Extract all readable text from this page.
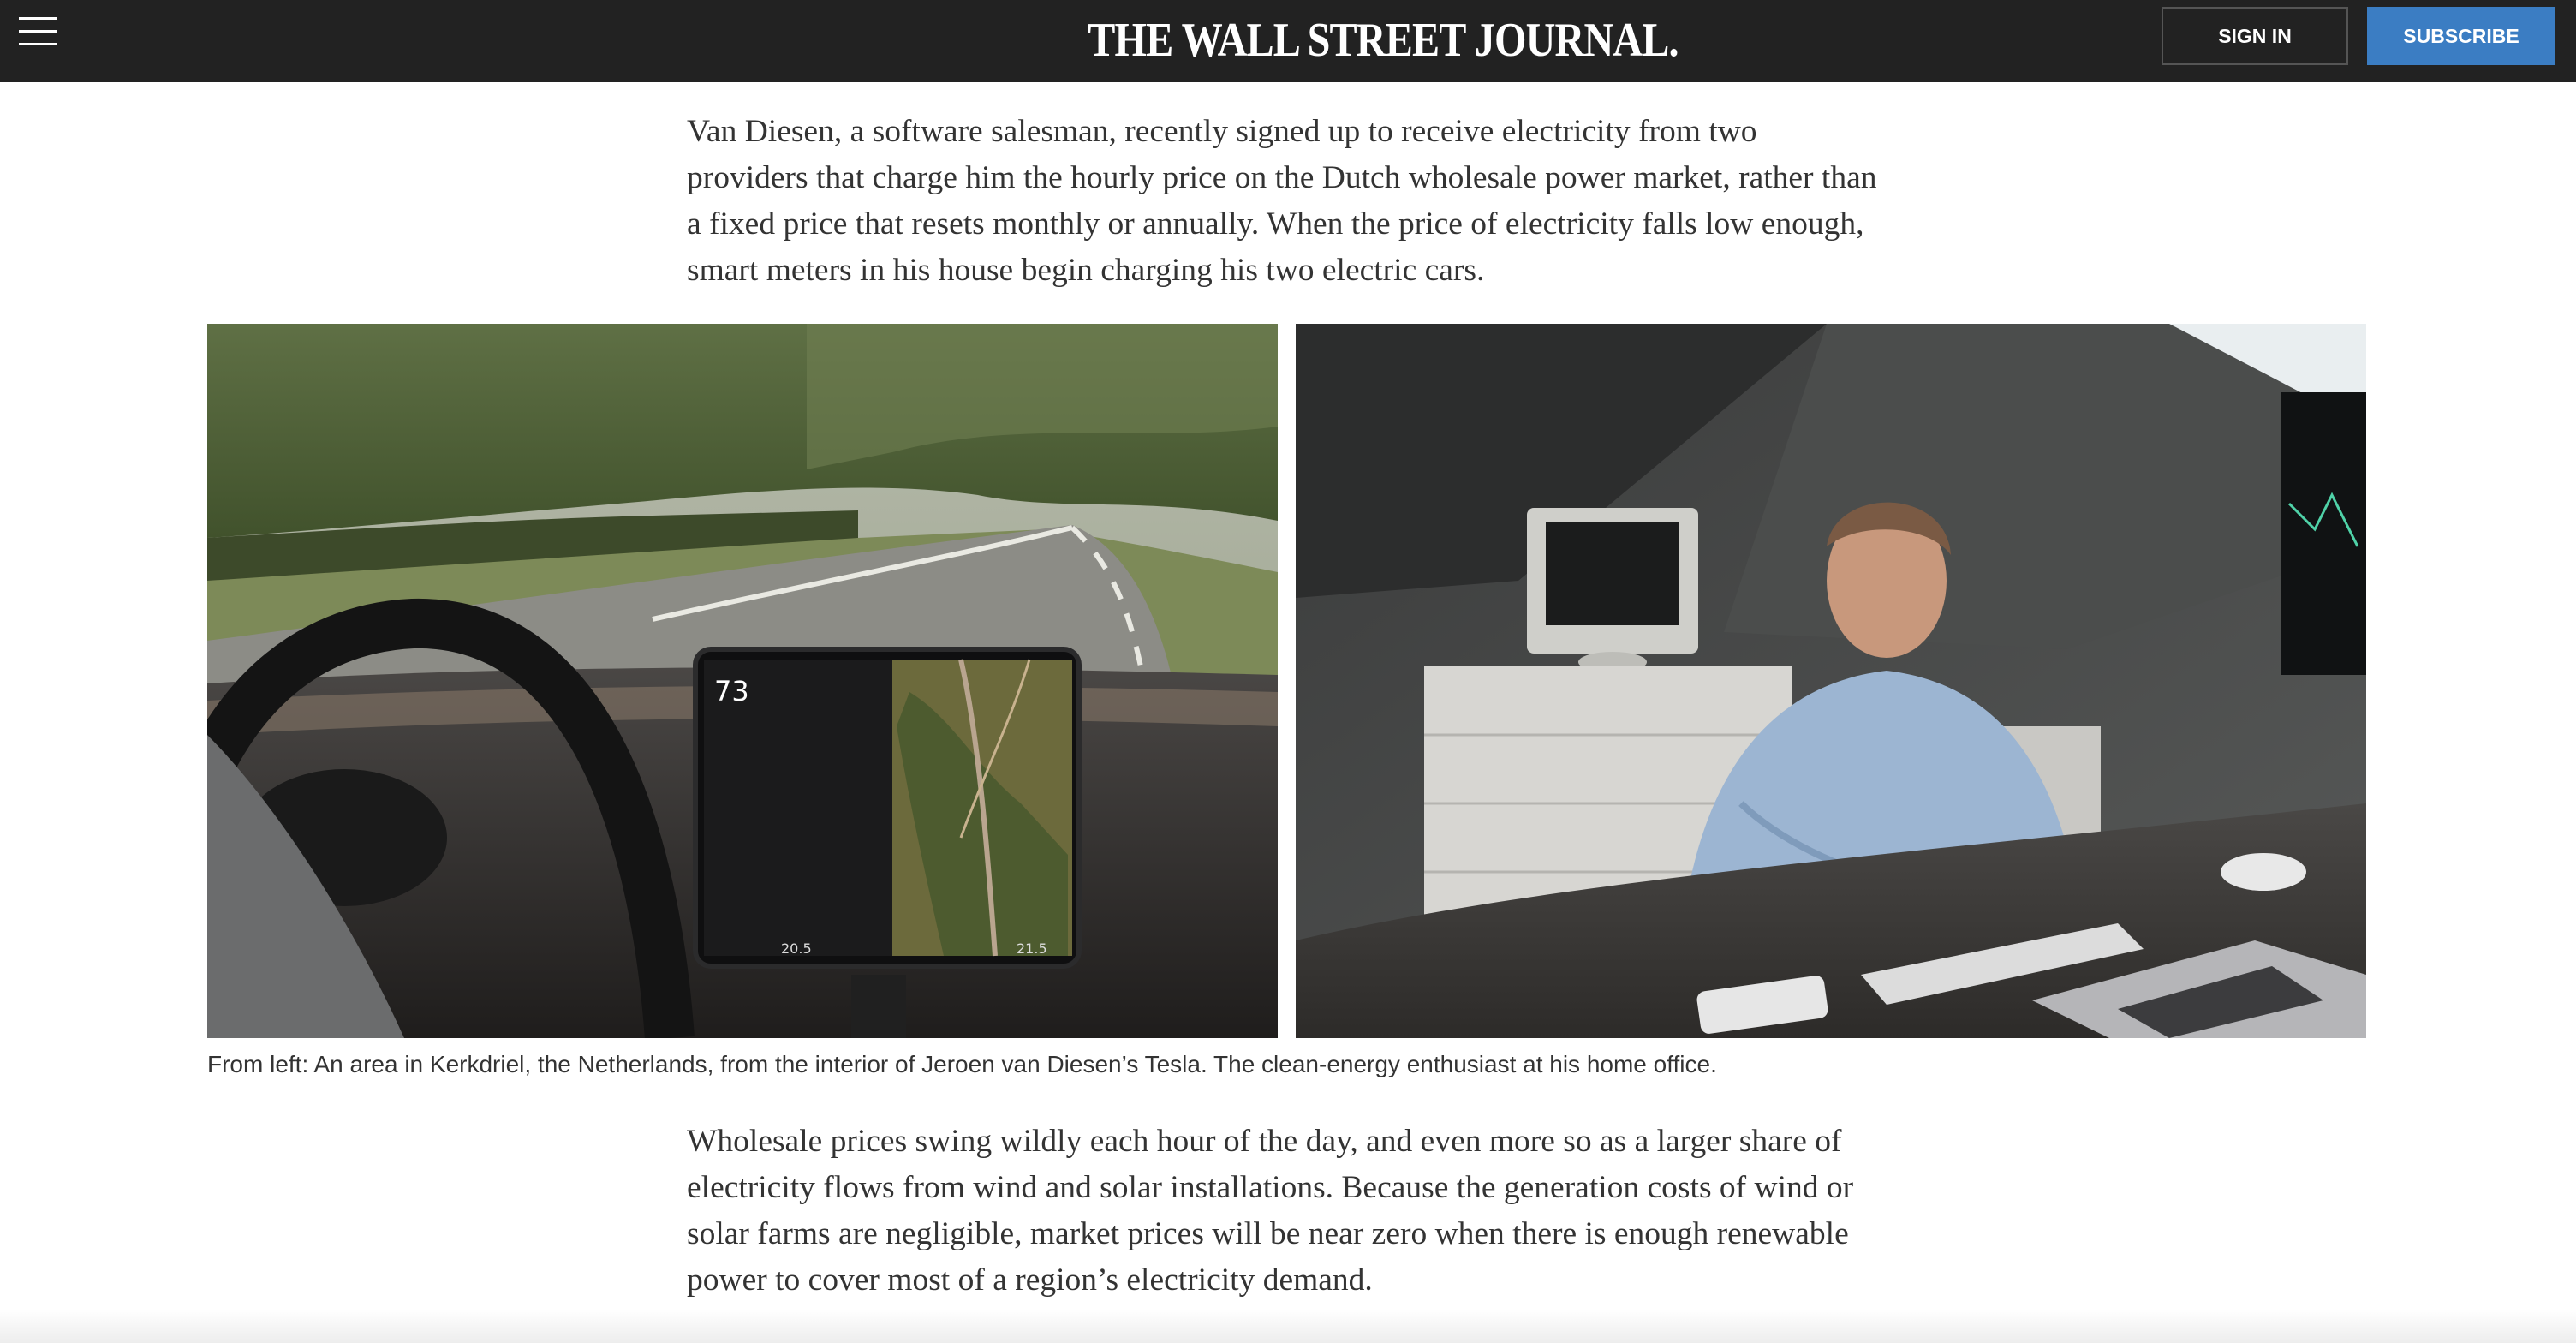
THE WALL STREET JOURNAL.	SIGN IN	SUBSCRIBE

Van Diesen, a software salesman, recently signed up to receive electricity from two providers that charge him the hourly price on the Dutch wholesale power market, rather than a fixed price that resets monthly or annually. When the price of electricity falls low enough, smart meters in his house begin charging his two electric cars.

73
20.5	21.5

From left: An area in Kerkdriel, the Netherlands, from the interior of Jeroen van Diesen’s Tesla. The clean-energy enthusiast at his home office.

Wholesale prices swing wildly each hour of the day, and even more so as a larger share of electricity flows from wind and solar installations. Because the generation costs of wind or solar farms are negligible, market prices will be near zero when there is enough renewable power to cover most of a region’s electricity demand.
